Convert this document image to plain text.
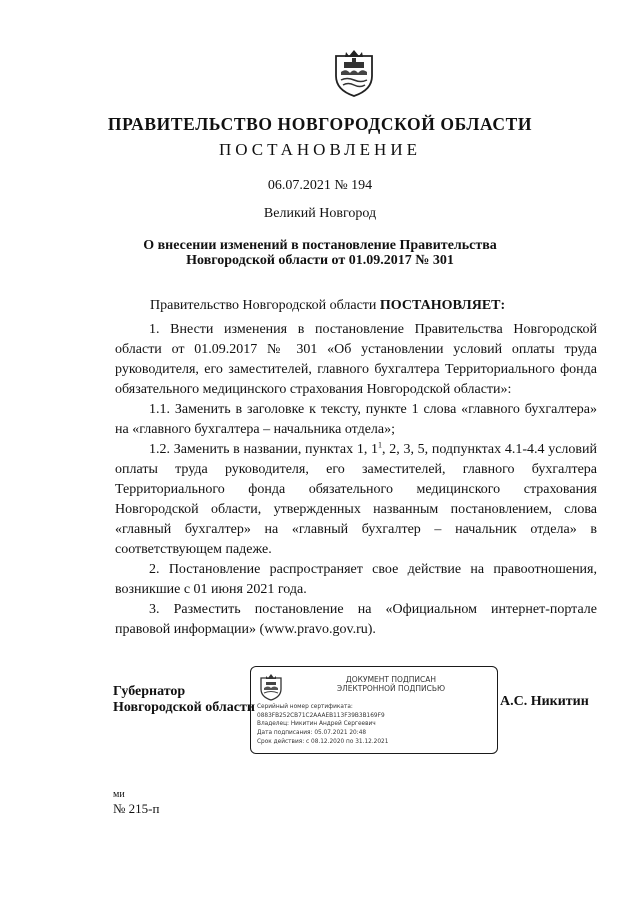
ПРАВИТЕЛЬСТВО НОВГОРОДСКОЙ ОБЛАСТИ
ПОСТАНОВЛЕНИЕ
06.07.2021 № 194
Великий Новгород
О внесении изменений в постановление Правительства
Новгородской области от 01.09.2017 № 301
Правительство Новгородской области ПОСТАНОВЛЯЕТ:

1. Внести изменения в постановление Правительства Новгородской области от 01.09.2017 № 301 «Об установлении условий оплаты труда руководителя, его заместителей, главного бухгалтера Территориального фонда обязательного медицинского страхования Новгородской области»:

1.1. Заменить в заголовке к тексту, пункте 1 слова «главного бухгалтера» на «главного бухгалтера – начальника отдела»;

1.2. Заменить в названии, пунктах 1, $1^1$, 2, 3, 5, подпунктах 4.1-4.4 условий оплаты труда руководителя, его заместителей, главного бухгалтера Территориального фонда обязательного медицинского страхования Новгородской области, утвержденных названным постановлением, слова «главный бухгалтер» на «главный бухгалтер – начальник отдела» в соответствующем падеже.

2. Постановление распространяет свое действие на правоотношения, возникшие с 01 июня 2021 года.

3. Разместить постановление на «Официальном интернет-портале правовой информации» (www.pravo.gov.ru).

Губернатор
Новгородской области
ДОКУМЕНТ ПОДПИСАН
ЭЛЕКТРОННОЙ ПОДПИСЬЮ
Серийный номер сертификата:
0883FB252CB71C2AAAEB113F39B3B169F9
Владелец: Никитин Андрей Сергеевич
Дата подписания: 05.07.2021 20:48
Срок действия: с 08.12.2020 по 31.12.2021
А.С. Никитин
ми
№ 215-п
